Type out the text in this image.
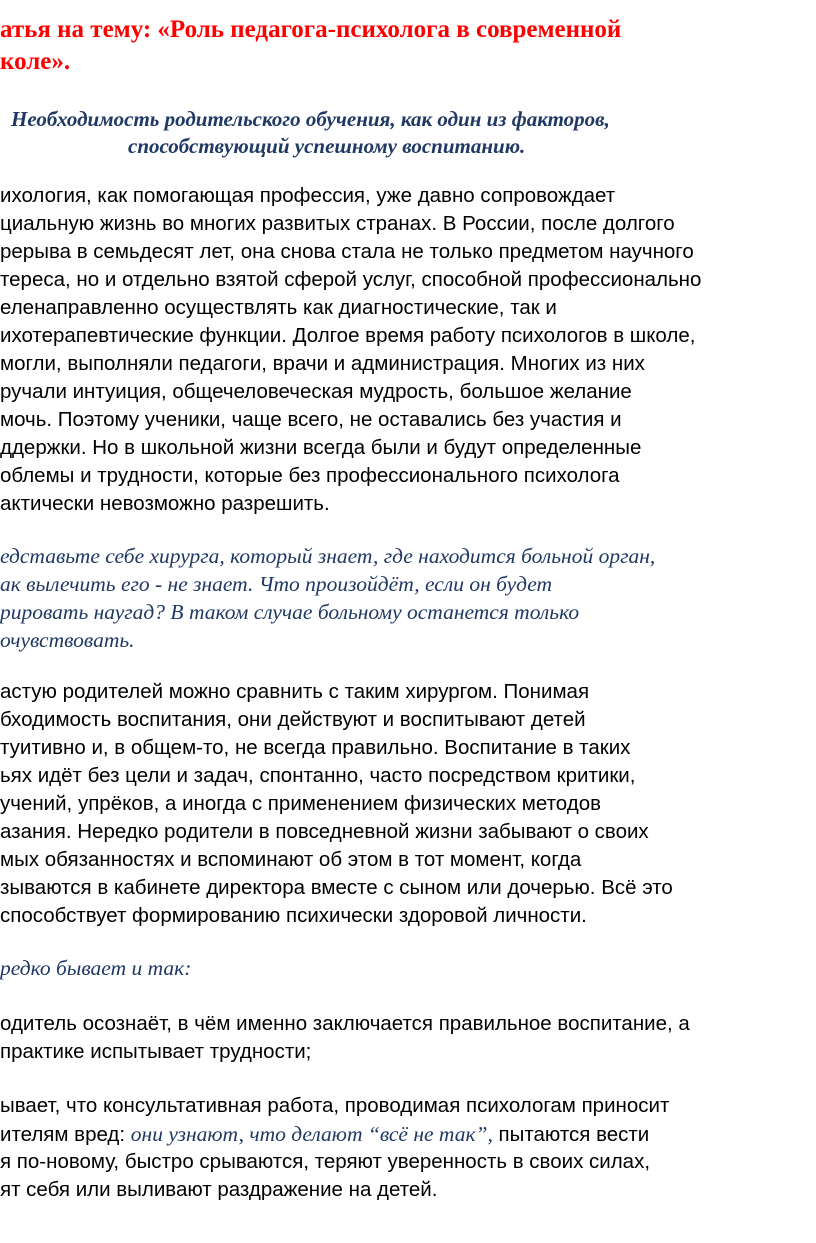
атья на тему: «Роль педагога-психолога в современной
коле».
Необходимость родительского обучения, как один из факторов,
способствующий успешному воспитанию.
ихология, как помогающая профессия, уже давно сопровождает
циальную жизнь во многих развитых странах. В России, после долгого
рерыва в семьдесят лет, она снова стала не только предметом научного
тереса, но и отдельно взятой сферой услуг, способной профессионально
еленаправленно осуществлять как диагностические, так и
ихотерапевтические функции. Долгое время работу психологов в школе,
могли, выполняли педагоги, врачи и администрация. Многих из них
ручали интуиция, общечеловеческая мудрость, большое желание
мочь. Поэтому ученики, чаще всего, не оставались без участия и
ддержки. Но в школьной жизни всегда были и будут определенные
облемы и трудности, которые без профессионального психолога
актически невозможно разрешить.
едставьте себе хирурга, который знает, где находится больной орган,
ак вылечить его - не знает. Что произойдёт, если он будет
рировать наугад? В таком случае больному останется только
очувствовать.
астую родителей можно сравнить с таким хирургом. Понимая
бходимость воспитания, они действуют и воспитывают детей
туитивно и, в общем-то, не всегда правильно. Воспитание в таких
ьях идёт без цели и задач, спонтанно, часто посредством критики,
учений, упрёков, а иногда с применением физических методов
азания. Нередко родители в повседневной жизни забывают о своих
мых обязанностях и вспоминают об этом в тот момент, когда
зываются в кабинете директора вместе с сыном или дочерью. Всё это
способствует формированию психически здоровой личности.
редко бывает и так:
одитель осознаёт, в чём именно заключается правильное воспитание, а
практике испытывает трудности;
ывает, что консультативная работа, проводимая психологам приносит
ителям вред: они узнают, что делают “всё не так”, пытаются вести
я по-новому, быстро срываются, теряют уверенность в своих силах,
ят себя или выливают раздражение на детей.
